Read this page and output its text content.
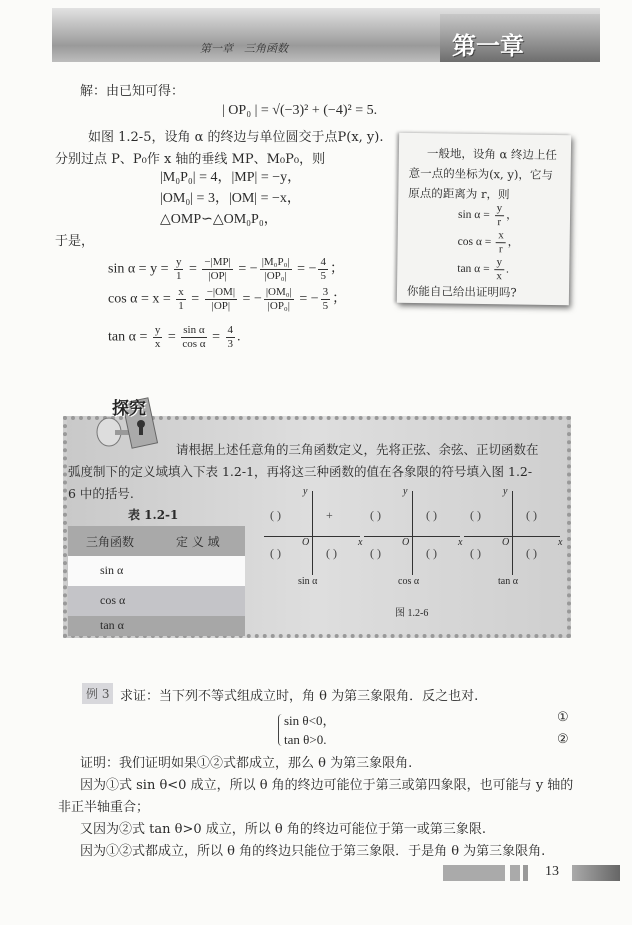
第一章　三角函数	第一章
解：由已知可得：
| OP₀ | = √(−3)² + (−4)² = 5.
如图 1.2-5，设角 α 的终边与单位圆交于点P(x, y).
分别过点 P、P₀作 x 轴的垂线 MP、M₀P₀，则
|M₀P₀| = 4，|MP| = −y，
|OM₀| = 3，|OM| = −x，
△OMP∽△OM₀P₀，
于是，
$\sin \alpha = y = \frac{y}{1} = \frac{-|MP|}{|OP|}$ = − $\frac{\text{|M₀P₀|}}{\text{|OP₀|}}$ = − $\frac{4}{5}$ ；
$\cos \alpha = x = \frac{x}{1} = \frac{-|OM|}{|OP|}$ = − $\frac{\text{|OM₀|}}{\text{|OP₀|}}$ = − $\frac{3}{5}$ ；
$\tan \alpha = \frac{y}{x} = \frac{\text{sin α}}{\text{cos α}} = \frac{4}{3}$ .
一般地，设角 α 终边上任
意一点的坐标为(x, y)，它与
原点的距离为 r，则
$\sin \alpha = \frac{y}{r}$ ，
$\cos \alpha = \frac{x}{r}$ ，
$\tan \alpha = \frac{y}{x}$ .
你能自己给出证明吗?
探究
请根据上述任意角的三角函数定义，先将正弦、余弦、正切函数在
弧度制下的定义域填入下表 1.2-1，再将这三种函数的值在各象限的符号填入图 1.2-
6 中的括号.
表 1.2-1
三角函数	定 义 域
sin α
cos α
tan α
y
x
O
( )	+
( )	( )
sin α
y
x
O
( )	( )
( )	( )
cos α
y
x
O
( )	( )
( )	( )
tan α
图 1.2-6
例 3 求证：当下列不等式组成立时，角 θ 为第三象限角．反之也对.
sin θ<0，
tan θ>0.
①
②
证明：我们证明如果①②式都成立，那么 θ 为第三象限角.
因为①式 sin θ<0 成立，所以 θ 角的终边可能位于第三或第四象限，也可能与 y 轴的
非正半轴重合；
又因为②式 tan θ>0 成立，所以 θ 角的终边可能位于第一或第三象限.
因为①②式都成立，所以 θ 角的终边只能位于第三象限．于是角 θ 为第三象限角.
13
